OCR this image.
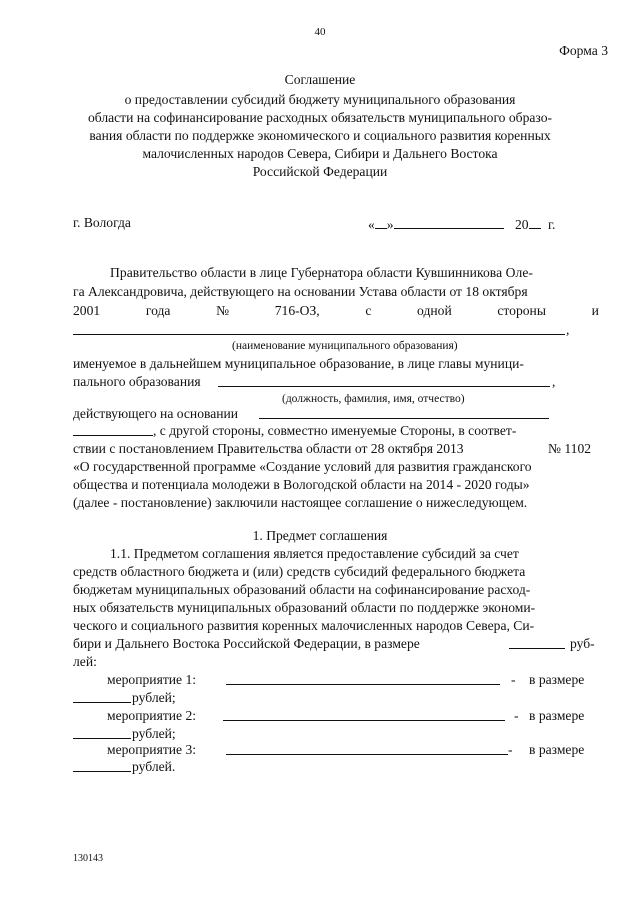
40
Форма 3
Соглашение
о предоставлении субсидий бюджету муниципального образования
области на софинансирование расходных обязательств муниципального образо-
вания области по поддержке экономического и социального развития коренных
малочисленных народов Севера, Сибири и Дальнего Востока
Российской Федерации
г. Вологда	« »	20 г.
Правительство области в лице Губернатора области Кувшинникова Оле-
га Александровича, действующего на основании Устава области от 18 октября
2001	года	№	716-ОЗ,	с	одной	стороны	и
,
(наименование муниципального образования)
именуемое в дальнейшем муниципальное образование, в лице главы муници-
пального образования	,
(должность, фамилия, имя, отчество)
действующего на основании
, с другой стороны, совместно именуемые Стороны, в соответ-
ствии с постановлением Правительства области от 28 октября 2013	№ 1102
«О государственной программе «Создание условий для развития гражданского
общества и потенциала молодежи в Вологодской области на 2014 - 2020 годы»
(далее - постановление) заключили настоящее соглашение о нижеследующем.
1. Предмет соглашения
1.1. Предметом соглашения является предоставление субсидий за счет
средств областного бюджета и (или) средств субсидий федерального бюджета
бюджетам муниципальных образований области на софинансирование расход-
ных обязательств муниципальных образований области по поддержке экономи-
ческого и социального развития коренных малочисленных народов Севера, Си-
бири и Дальнего Востока Российской Федерации, в размере	руб-
лей:
мероприятие 1:	- в размере
рублей;
мероприятие 2:	- в размере
рублей;
мероприятие 3:	- в размере
рублей.
130143
